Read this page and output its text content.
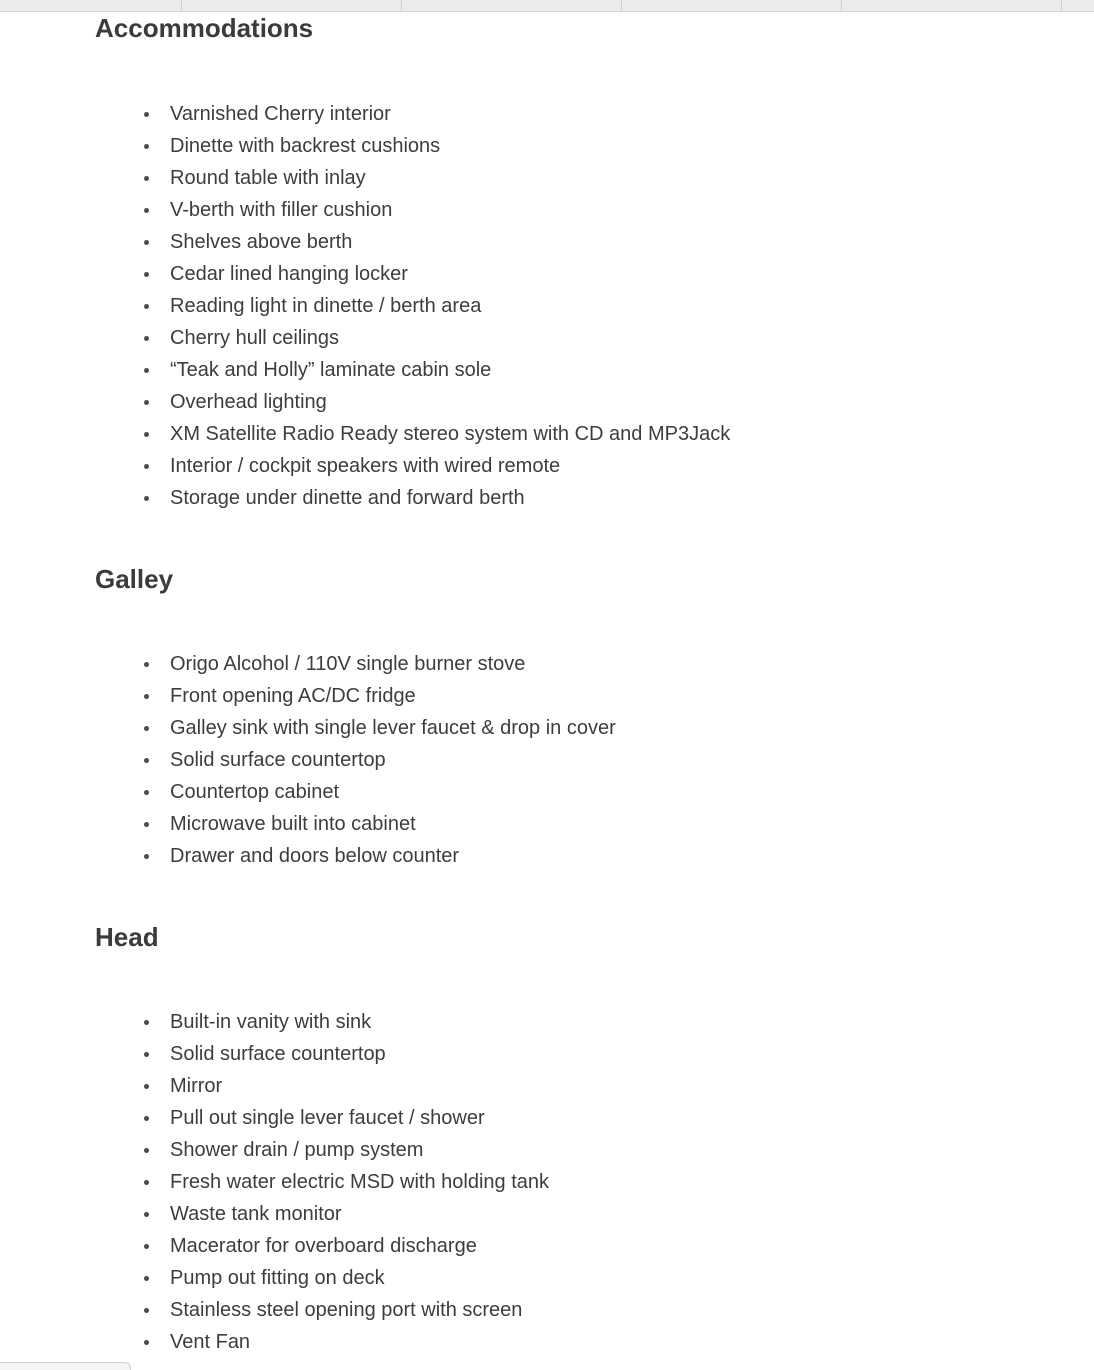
Accommodations
Varnished Cherry interior
Dinette with backrest cushions
Round table with inlay
V-berth with filler cushion
Shelves above berth
Cedar lined hanging locker
Reading light in dinette / berth area
Cherry hull ceilings
“Teak and Holly” laminate cabin sole
Overhead lighting
XM Satellite Radio Ready stereo system with CD and MP3Jack
Interior / cockpit speakers with wired remote
Storage under dinette and forward berth
Galley
Origo Alcohol / 110V single burner stove
Front opening AC/DC fridge
Galley sink with single lever faucet & drop in cover
Solid surface countertop
Countertop cabinet
Microwave built into cabinet
Drawer and doors below counter
Head
Built-in vanity with sink
Solid surface countertop
Mirror
Pull out single lever faucet / shower
Shower drain / pump system
Fresh water electric MSD with holding tank
Waste tank monitor
Macerator for overboard discharge
Pump out fitting on deck
Stainless steel opening port with screen
Vent Fan
